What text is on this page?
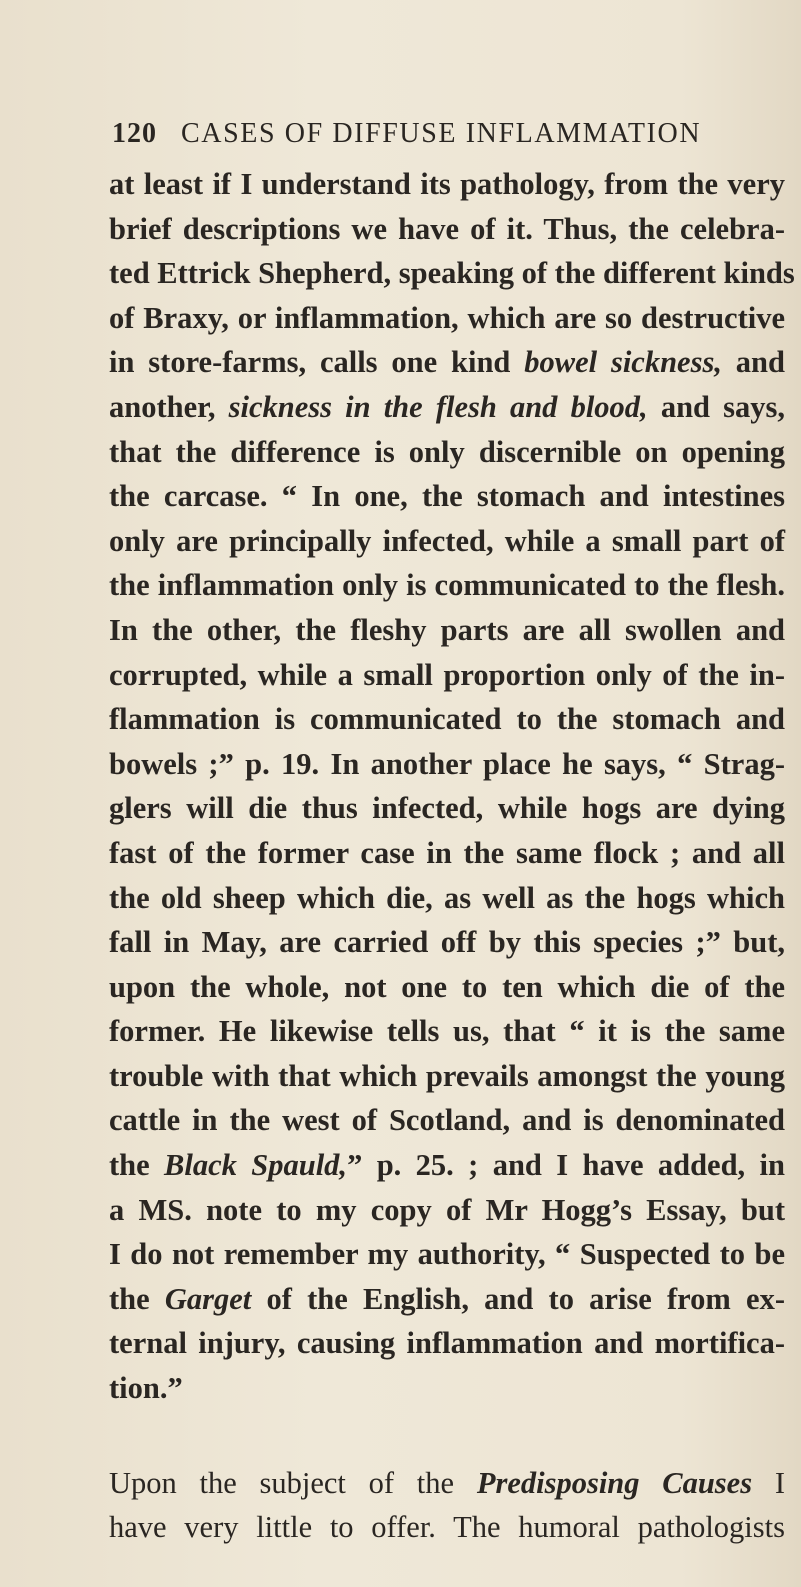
120 CASES OF DIFFUSE INFLAMMATION
at least if I understand its pathology, from the very
brief descriptions we have of it. Thus, the celebra-
ted Ettrick Shepherd, speaking of the different kinds
of Braxy, or inflammation, which are so destructive
in store-farms, calls one kind bowel sickness, and
another, sickness in the flesh and blood, and says,
that the difference is only discernible on opening
the carcase. “ In one, the stomach and intestines
only are principally infected, while a small part of
the inflammation only is communicated to the flesh.
In the other, the fleshy parts are all swollen and
corrupted, while a small proportion only of the in-
flammation is communicated to the stomach and
bowels ;” p. 19. In another place he says, “ Strag-
glers will die thus infected, while hogs are dying
fast of the former case in the same flock ; and all
the old sheep which die, as well as the hogs which
fall in May, are carried off by this species ;” but,
upon the whole, not one to ten which die of the
former. He likewise tells us, that “ it is the same
trouble with that which prevails amongst the young
cattle in the west of Scotland, and is denominated
the Black Spauld,” p. 25. ; and I have added, in
a MS. note to my copy of Mr Hogg’s Essay, but
I do not remember my authority, “ Suspected to be
the Garget of the English, and to arise from ex-
ternal injury, causing inflammation and mortifica-
tion.”
Upon the subject of the Predisposing Causes I
have very little to offer. The humoral pathologists
